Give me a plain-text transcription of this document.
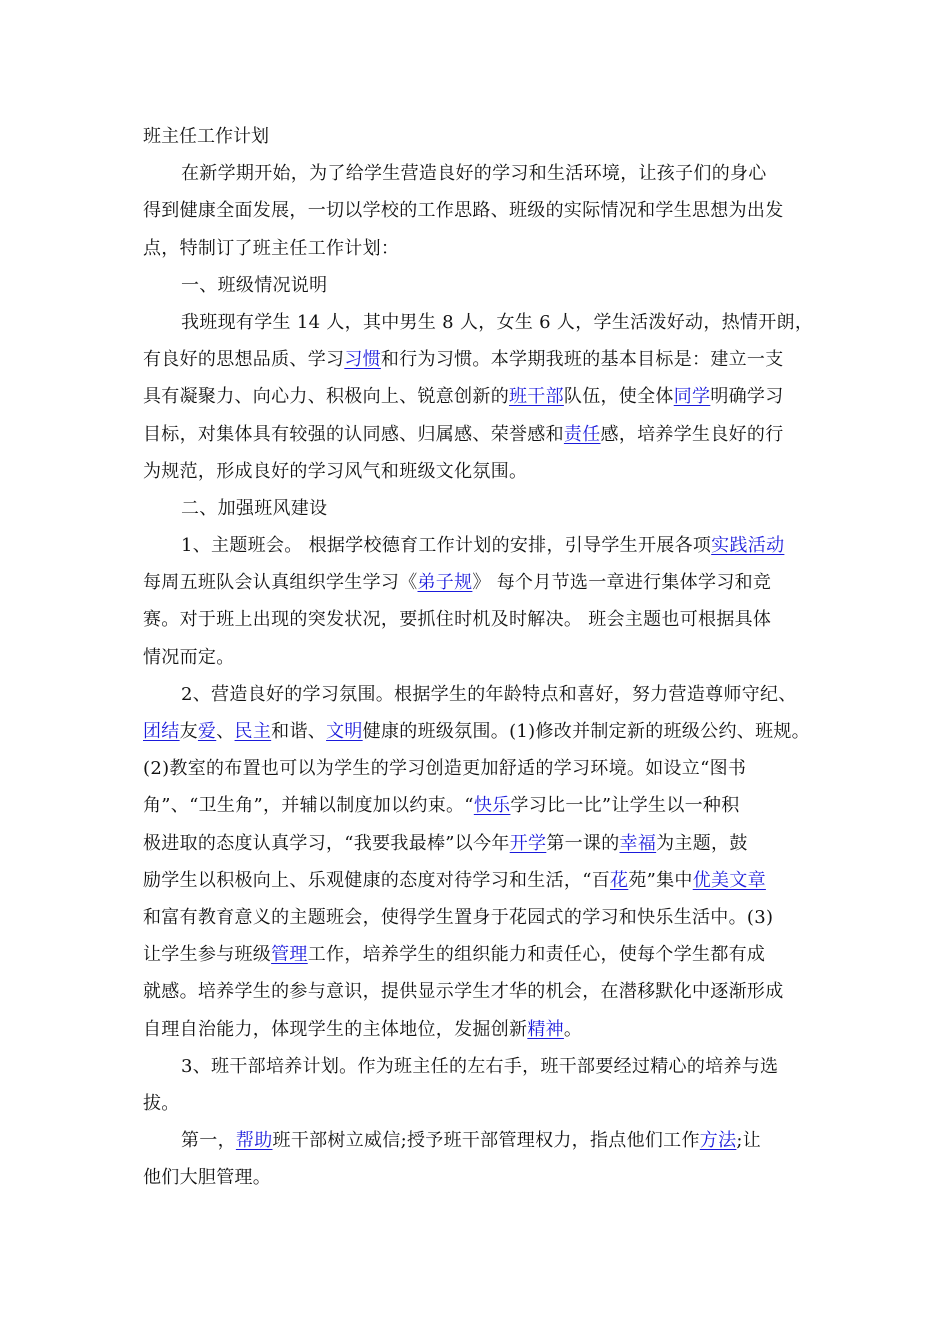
班主任工作计划
在新学期开始，为了给学生营造良好的学习和生活环境，让孩子们的身心
得到健康全面发展，一切以学校的工作思路、班级的实际情况和学生思想为出发
点，特制订了班主任工作计划：
一、班级情况说明
我班现有学生 14 人，其中男生 8 人，女生 6 人，学生活泼好动，热情开朗，
有良好的思想品质、学习习惯和行为习惯。本学期我班的基本目标是：建立一支
具有凝聚力、向心力、积极向上、锐意创新的班干部队伍，使全体同学明确学习
目标，对集体具有较强的认同感、归属感、荣誉感和责任感，培养学生良好的行
为规范，形成良好的学习风气和班级文化氛围。
二、加强班风建设
1、主题班会。 根据学校德育工作计划的安排，引导学生开展各项实践活动
每周五班队会认真组织学生学习《弟子规》 每个月节选一章进行集体学习和竞
赛。对于班上出现的突发状况，要抓住时机及时解决。 班会主题也可根据具体
情况而定。
2、营造良好的学习氛围。根据学生的年龄特点和喜好，努力营造尊师守纪、
团结友爱、民主和谐、文明健康的班级氛围。(1)修改并制定新的班级公约、班规。
(2)教室的布置也可以为学生的学习创造更加舒适的学习环境。如设立“图书
角”、“卫生角”，并辅以制度加以约束。“快乐学习比一比”让学生以一种积
极进取的态度认真学习，“我要我最棒”以今年开学第一课的幸福为主题，鼓
励学生以积极向上、乐观健康的态度对待学习和生活，“百花苑”集中优美文章
和富有教育意义的主题班会，使得学生置身于花园式的学习和快乐生活中。(3)
让学生参与班级管理工作，培养学生的组织能力和责任心，使每个学生都有成
就感。培养学生的参与意识，提供显示学生才华的机会，在潜移默化中逐渐形成
自理自治能力，体现学生的主体地位，发掘创新精神。
3、班干部培养计划。作为班主任的左右手，班干部要经过精心的培养与选
拔。
第一，帮助班干部树立威信;授予班干部管理权力，指点他们工作方法;让
他们大胆管理。
